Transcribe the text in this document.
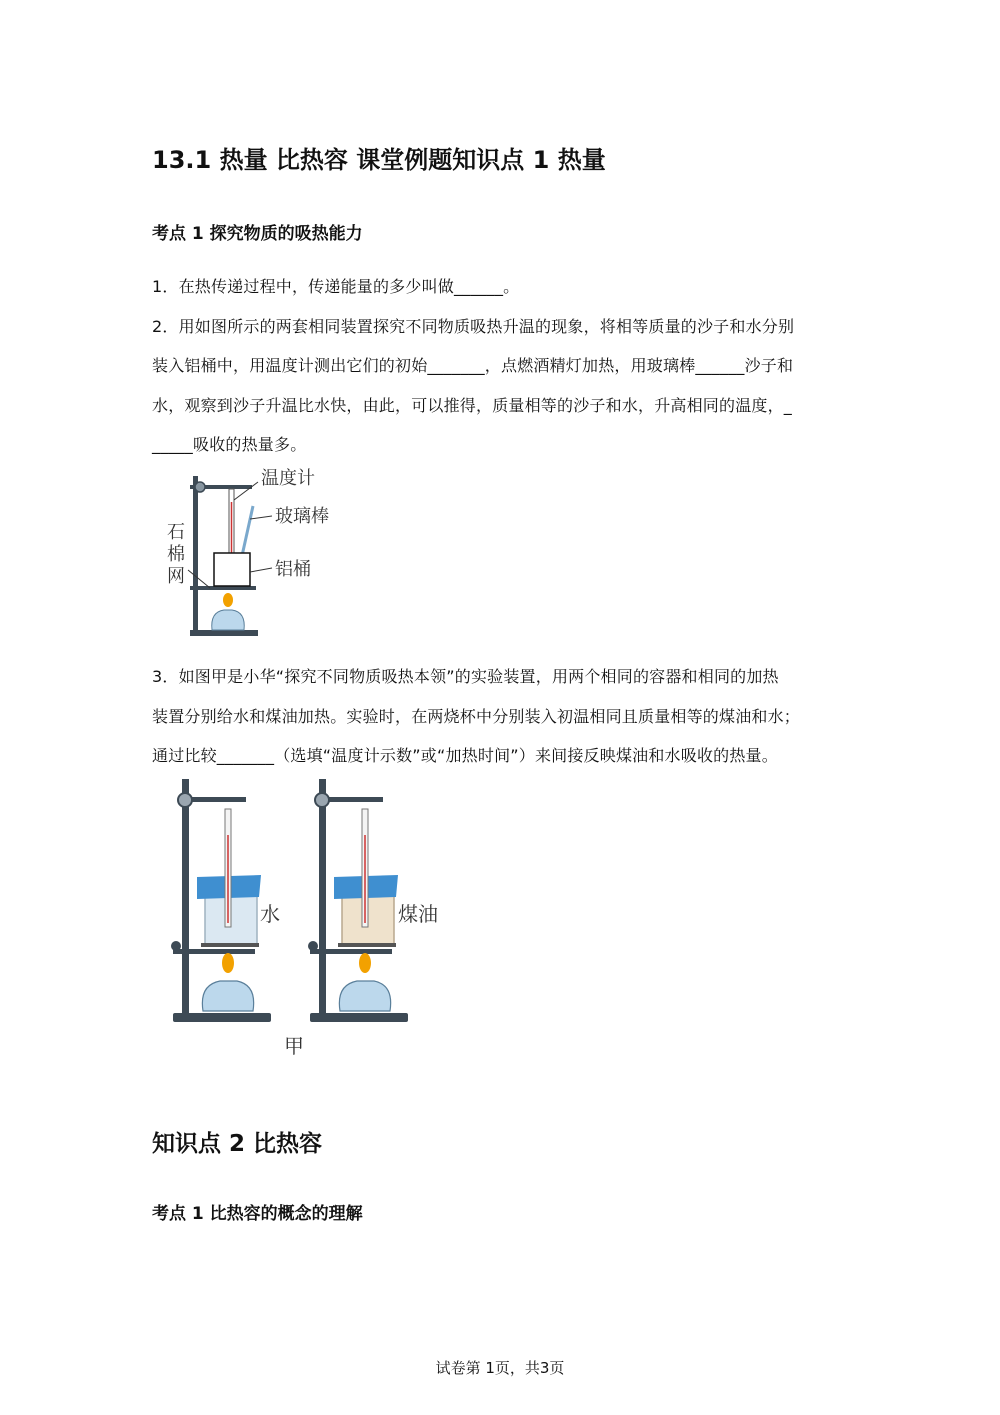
13.1 热量 比热容 课堂例题知识点 1 热量
考点 1 探究物质的吸热能力

1．在热传递过程中，传递能量的多少叫做______。

2．用如图所示的两套相同装置探究不同物质吸热升温的现象，将相等质量的沙子和水分别

装入铝桶中，用温度计测出它们的初始_______，点燃酒精灯加热，用玻璃棒______沙子和

水，观察到沙子升温比水快，由此，可以推得，质量相等的沙子和水，升高相同的温度，_

_____吸收的热量多。

温度计
玻璃棒
石
棉
网	铝桶

3．如图甲是小华“探究不同物质吸热本领”的实验装置，用两个相同的容器和相同的加热

装置分别给水和煤油加热。实验时，在两烧杯中分别装入初温相同且质量相等的煤油和水；

通过比较_______（选填“温度计示数”或“加热时间”）来间接反映煤油和水吸收的热量。

水	煤油
甲
知识点 2 比热容
考点 1 比热容的概念的理解
试卷第 1页，共3页
